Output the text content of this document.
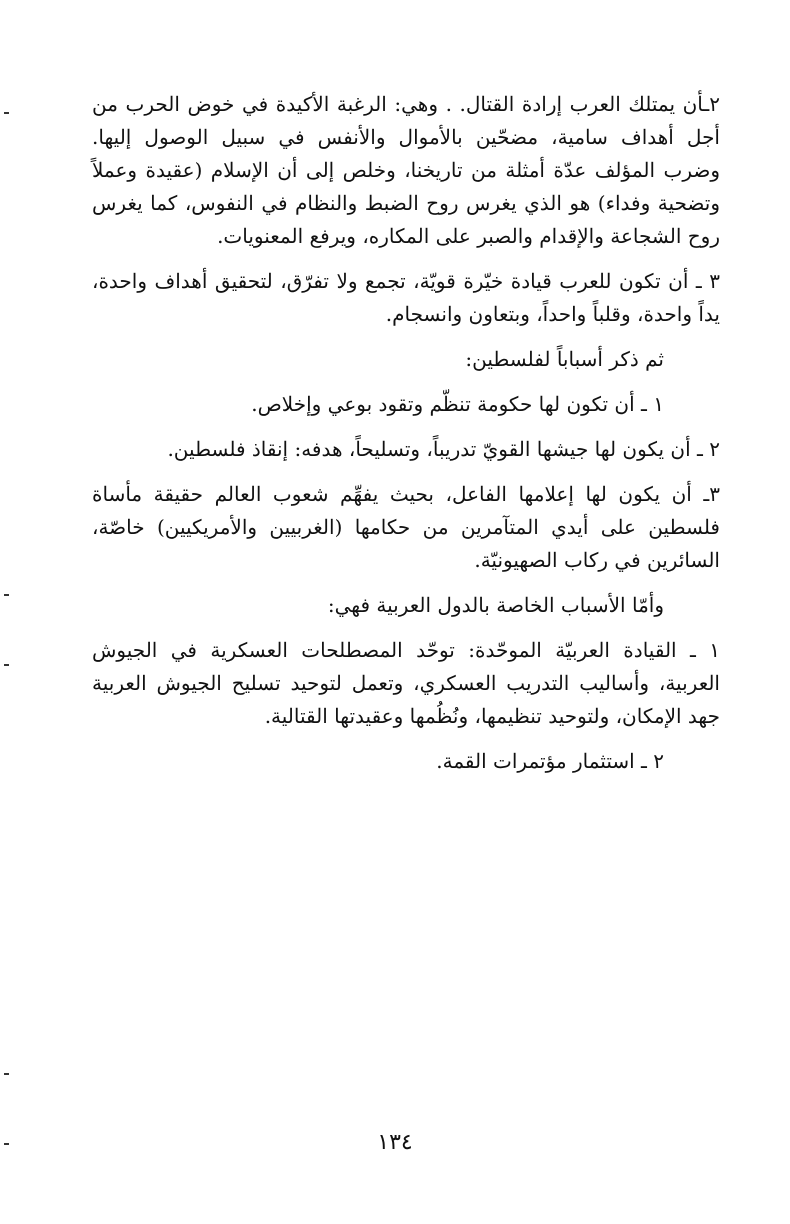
٢ـأن يمتلك العرب إرادة القتال. . وهي: الرغبة الأكيدة في خوض الحرب من أجل أهداف سامية، مضحّين بالأموال والأنفس في سبيل الوصول إليها. وضرب المؤلف عدّة أمثلة من تاريخنا، وخلص إلى أن الإسلام (عقيدة وعملاً وتضحية وفداء) هو الذي يغرس روح الضبط والنظام في النفوس، كما يغرس روح الشجاعة والإقدام والصبر على المكاره، ويرفع المعنويات.

٣ ـ أن تكون للعرب قيادة خيّرة قويّة، تجمع ولا تفرّق، لتحقيق أهداف واحدة، يداً واحدة، وقلباً واحداً، وبتعاون وانسجام.

ثم ذكر أسباباً لفلسطين:

١ ـ أن تكون لها حكومة تنظّم وتقود بوعي وإخلاص.

٢ ـ أن يكون لها جيشها القويّ تدريباً، وتسليحاً، هدفه: إنقاذ فلسطين.

٣ـ أن يكون لها إعلامها الفاعل، بحيث يفهِّم شعوب العالم حقيقة مأساة فلسطين على أيدي المتآمرين من حكامها (الغربيين والأمريكيين) خاصّة، السائرين في ركاب الصهيونيّة.

وأمّا الأسباب الخاصة بالدول العربية فهي:

١ ـ القيادة العربيّة الموحّدة: توحّد المصطلحات العسكرية في الجيوش العربية، وأساليب التدريب العسكري، وتعمل لتوحيد تسليح الجيوش العربية جهد الإمكان، ولتوحيد تنظيمها، ونُظُمها وعقيدتها القتالية.

٢ ـ استثمار مؤتمرات القمة.

١٣٤
